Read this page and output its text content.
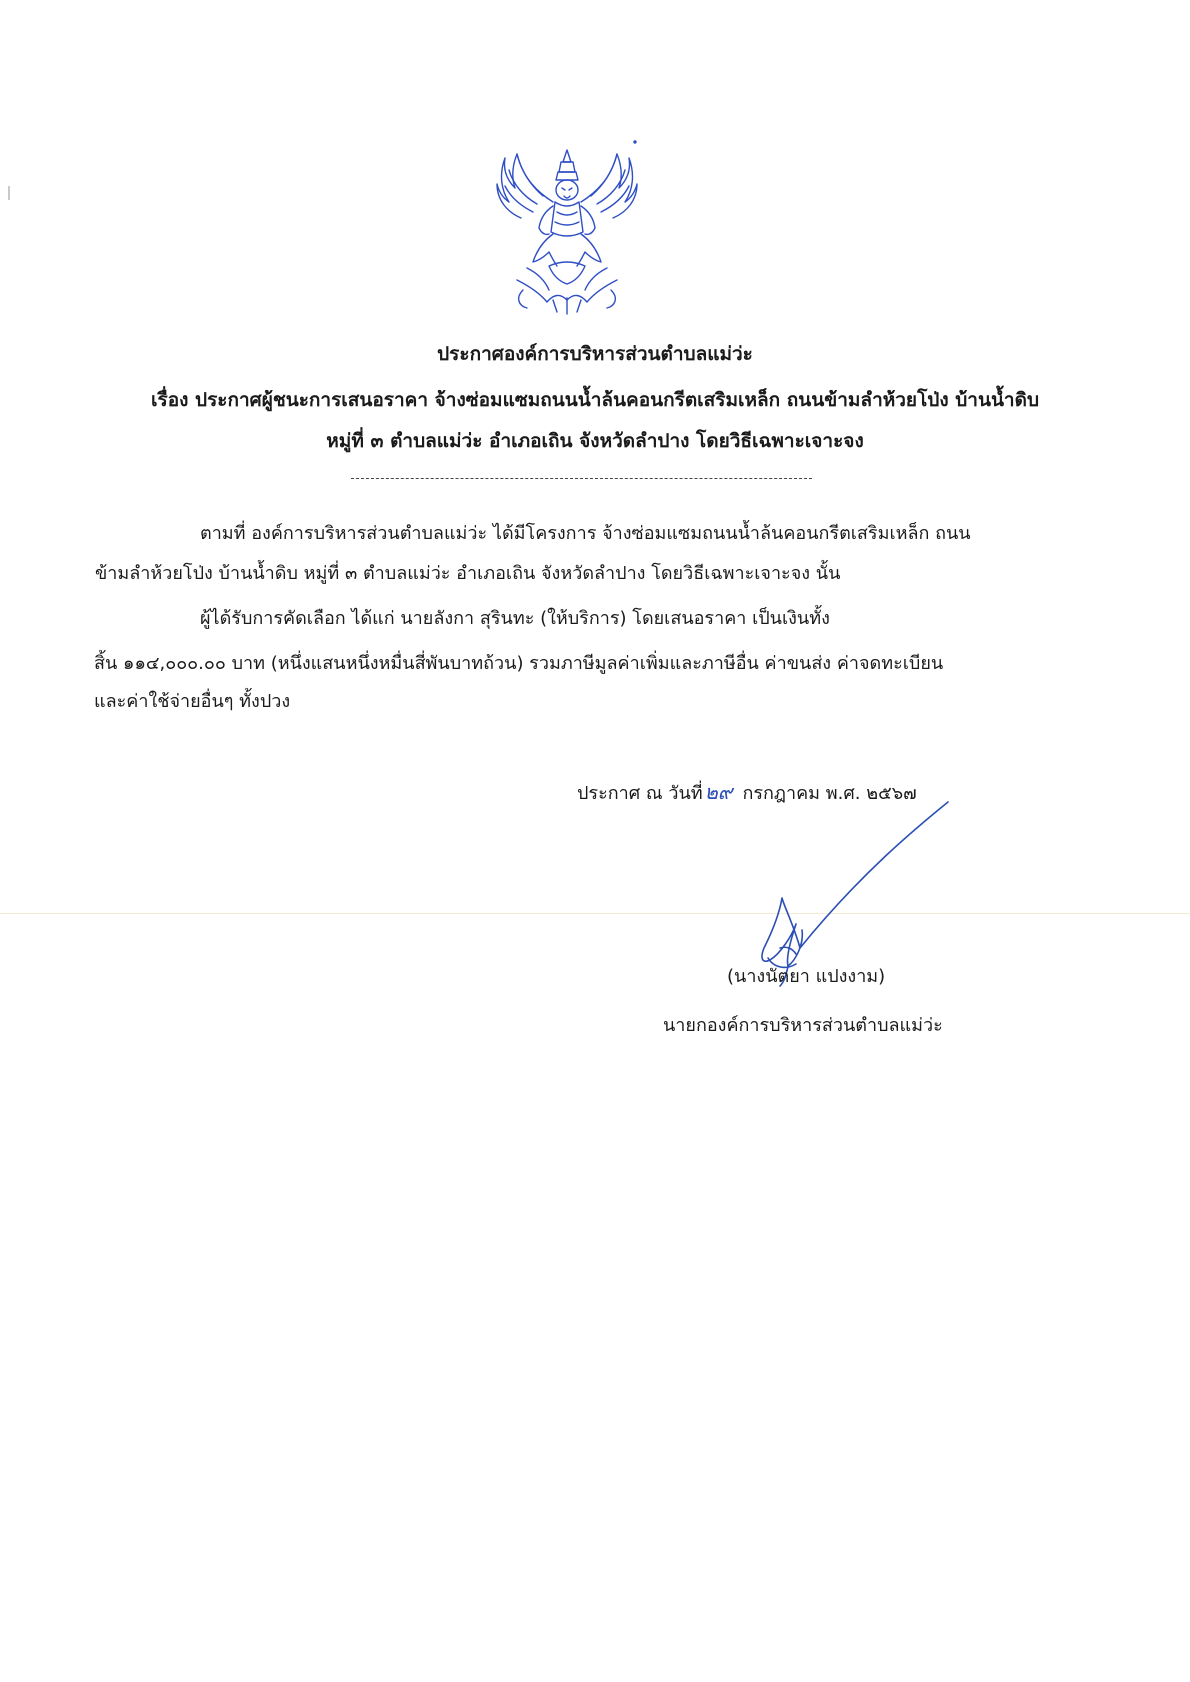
ประกาศองค์การบริหารส่วนตำบลแม่ว่ะ

เรื่อง ประกาศผู้ชนะการเสนอราคา จ้างซ่อมแซมถนนน้ำล้นคอนกรีตเสริมเหล็ก ถนนข้ามลำห้วยโป่ง บ้านน้ำดิบ

หมู่ที่ ๓ ตำบลแม่ว่ะ อำเภอเถิน จังหวัดลำปาง โดยวิธีเฉพาะเจาะจง

ตามที่ องค์การบริหารส่วนตำบลแม่ว่ะ ได้มีโครงการ จ้างซ่อมแซมถนนน้ำล้นคอนกรีตเสริมเหล็ก ถนน

ข้ามลำห้วยโป่ง บ้านน้ำดิบ หมู่ที่ ๓ ตำบลแม่ว่ะ อำเภอเถิน จังหวัดลำปาง โดยวิธีเฉพาะเจาะจง นั้น

ผู้ได้รับการคัดเลือก ได้แก่ นายลังกา สุรินทะ (ให้บริการ) โดยเสนอราคา เป็นเงินทั้ง

สิ้น ๑๑๔,๐๐๐.๐๐ บาท (หนึ่งแสนหนึ่งหมื่นสี่พันบาทถ้วน) รวมภาษีมูลค่าเพิ่มและภาษีอื่น ค่าขนส่ง ค่าจดทะเบียน

และค่าใช้จ่ายอื่นๆ ทั้งปวง

ประกาศ ณ วันที่ ๒๙ กรกฎาคม พ.ศ. ๒๕๖๗

(นางนัตยา แปงงาม)

นายกองค์การบริหารส่วนตำบลแม่ว่ะ
